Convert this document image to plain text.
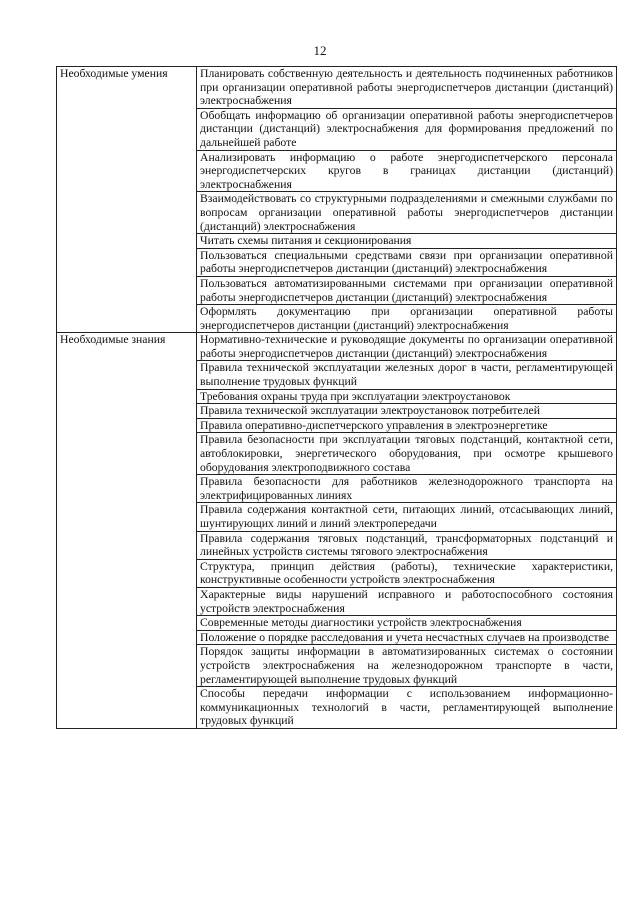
12
Необходимые умения	Планировать собственную деятельность и деятельность подчиненных работников при организации оперативной работы энергодиспетчеров дистанции (дистанций) электроснабжения
	Обобщать информацию об организации оперативной работы энергодиспетчеров дистанции (дистанций) электроснабжения для формирования предложений по дальнейшей работе
	Анализировать информацию о работе энергодиспетчерского персонала энергодиспетчерских кругов в границах дистанции (дистанций) электроснабжения
	Взаимодействовать со структурными подразделениями и смежными службами по вопросам организации оперативной работы энергодиспетчеров дистанции (дистанций) электроснабжения
	Читать схемы питания и секционирования
	Пользоваться специальными средствами связи при организации оперативной работы энергодиспетчеров дистанции (дистанций) электроснабжения
	Пользоваться автоматизированными системами при организации оперативной работы энергодиспетчеров дистанции (дистанций) электроснабжения
	Оформлять документацию при организации оперативной работы энергодиспетчеров дистанции (дистанций) электроснабжения
Необходимые знания	Нормативно-технические и руководящие документы по организации оперативной работы энергодиспетчеров дистанции (дистанций) электроснабжения
	Правила технической эксплуатации железных дорог в части, регламентирующей выполнение трудовых функций
	Требования охраны труда при эксплуатации электроустановок
	Правила технической эксплуатации электроустановок потребителей
	Правила оперативно-диспетчерского управления в электроэнергетике
	Правила безопасности при эксплуатации тяговых подстанций, контактной сети, автоблокировки, энергетического оборудования, при осмотре крышевого оборудования электроподвижного состава
	Правила безопасности для работников железнодорожного транспорта на электрифицированных линиях
	Правила содержания контактной сети, питающих линий, отсасывающих линий, шунтирующих линий и линий электропередачи
	Правила содержания тяговых подстанций, трансформаторных подстанций и линейных устройств системы тягового электроснабжения
	Структура, принцип действия (работы), технические характеристики, конструктивные особенности устройств электроснабжения
	Характерные виды нарушений исправного и работоспособного состояния устройств электроснабжения
	Современные методы диагностики устройств электроснабжения
	Положение о порядке расследования и учета несчастных случаев на производстве
	Порядок защиты информации в автоматизированных системах о состоянии устройств электроснабжения на железнодорожном транспорте в части, регламентирующей выполнение трудовых функций
	Способы передачи информации с использованием информационно-коммуникационных технологий в части, регламентирующей выполнение трудовых функций
